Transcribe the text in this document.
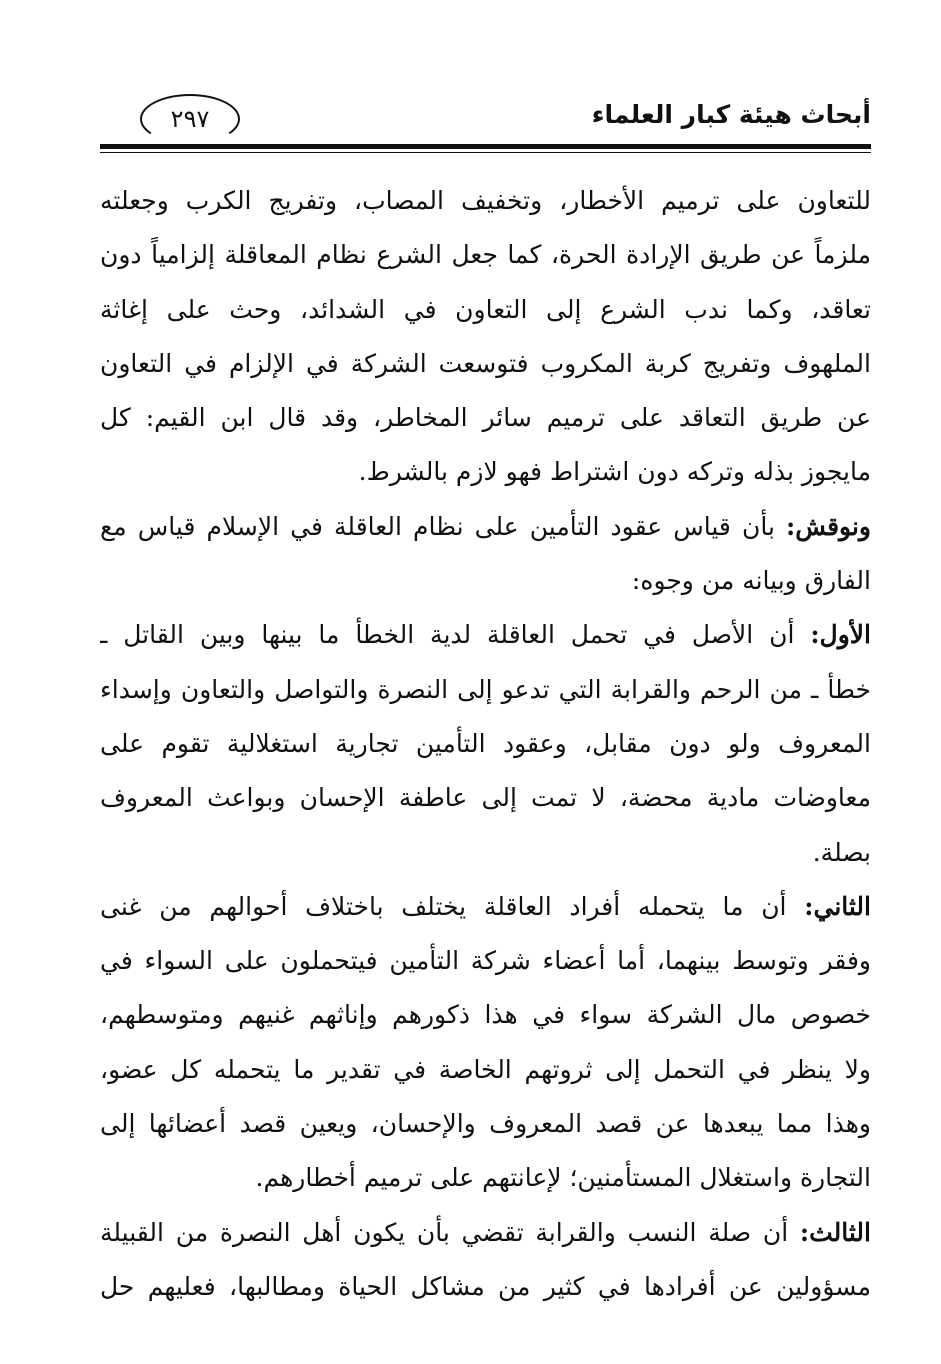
أبحاث هيئة كبار العلماء
٢٩٧
للتعاون على ترميم الأخطار، وتخفيف المصاب، وتفريج الكرب وجعلته
ملزماً عن طريق الإرادة الحرة، كما جعل الشرع نظام المعاقلة إلزامياً دون
تعاقد، وكما ندب الشرع إلى التعاون في الشدائد، وحث على إغاثة
الملهوف وتفريج كربة المكروب فتوسعت الشركة في الإلزام في التعاون
عن طريق التعاقد على ترميم سائر المخاطر، وقد قال ابن القيم: كل
مايجوز بذله وتركه دون اشتراط فهو لازم بالشرط.
ونوقش: بأن قياس عقود التأمين على نظام العاقلة في الإسلام قياس مع
الفارق وبيانه من وجوه:
الأول: أن الأصل في تحمل العاقلة لدية الخطأ ما بينها وبين القاتل ـ
خطأ ـ من الرحم والقرابة التي تدعو إلى النصرة والتواصل والتعاون وإسداء
المعروف ولو دون مقابل، وعقود التأمين تجارية استغلالية تقوم على
معاوضات مادية محضة، لا تمت إلى عاطفة الإحسان وبواعث المعروف
بصلة.
الثاني: أن ما يتحمله أفراد العاقلة يختلف باختلاف أحوالهم من غنى
وفقر وتوسط بينهما، أما أعضاء شركة التأمين فيتحملون على السواء في
خصوص مال الشركة سواء في هذا ذكورهم وإناثهم غنيهم ومتوسطهم،
ولا ينظر في التحمل إلى ثروتهم الخاصة في تقدير ما يتحمله كل عضو،
وهذا مما يبعدها عن قصد المعروف والإحسان، ويعين قصد أعضائها إلى
التجارة واستغلال المستأمنين؛ لإعانتهم على ترميم أخطارهم.
الثالث: أن صلة النسب والقرابة تقضي بأن يكون أهل النصرة من القبيلة
مسؤولين عن أفرادها في كثير من مشاكل الحياة ومطالبها، فعليهم حل
